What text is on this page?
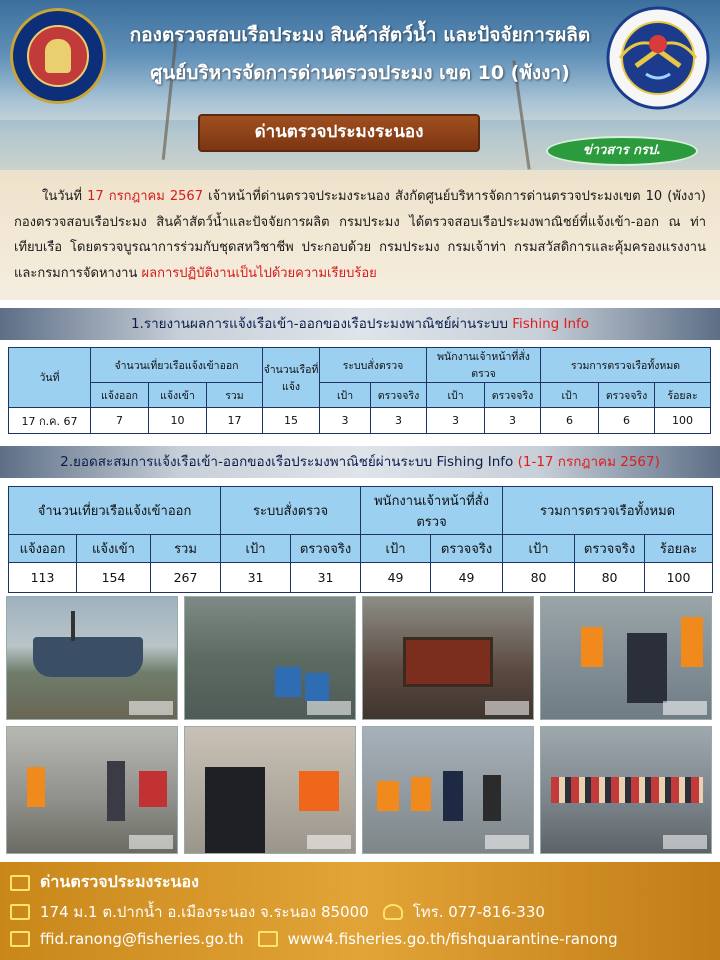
กองตรวจสอบเรือประมง สินค้าสัตว์น้ำ และปัจจัยการผลิต
ศูนย์บริหารจัดการด่านตรวจประมง เขต 10 (พังงา)
ด่านตรวจประมงระนอง
ข่าวสาร กรป.

ในวันที่ 17 กรกฎาคม 2567 เจ้าหน้าที่ด่านตรวจประมงระนอง สังกัดศูนย์บริหารจัดการด่านตรวจประมงเขต 10 (พังงา) กองตรวจสอบเรือประมง สินค้าสัตว์น้ำและปัจจัยการผลิต กรมประมง ได้ตรวจสอบเรือประมงพาณิชย์ที่แจ้งเข้า-ออก ณ ท่าเทียบเรือ โดยตรวจบูรณาการร่วมกับชุดสหวิชาชีพ ประกอบด้วย กรมประมง กรมเจ้าท่า กรมสวัสดิการและคุ้มครองแรงงาน และกรมการจัดหางาน ผลการปฏิบัติงานเป็นไปด้วยความเรียบร้อย

1.รายงานผลการแจ้งเรือเข้า-ออกของเรือประมงพาณิชย์ผ่านระบบ Fishing Info
วันที่	จำนวนเที่ยวเรือแจ้งเข้าออก			จำนวนเรือที่แจ้ง	ระบบสั่งตรวจ		พนักงานเจ้าหน้าที่สั่งตรวจ		รวมการตรวจเรือทั้งหมด		
	แจ้งออก	แจ้งเข้า	รวม		เป้า	ตรวจจริง	เป้า	ตรวจจริง	เป้า	ตรวจจริง	ร้อยละ
17 ก.ค. 67	7	10	17	15	3	3	3	3	6	6	100
2.ยอดสะสมการแจ้งเรือเข้า-ออกของเรือประมงพาณิชย์ผ่านระบบ Fishing Info (1-17 กรกฎาคม 2567)
จำนวนเที่ยวเรือแจ้งเข้าออก			ระบบสั่งตรวจ		พนักงานเจ้าหน้าที่สั่งตรวจ		รวมการตรวจเรือทั้งหมด		
แจ้งออก	แจ้งเข้า	รวม	เป้า	ตรวจจริง	เป้า	ตรวจจริง	เป้า	ตรวจจริง	ร้อยละ
113	154	267	31	31	49	49	80	80	100
ด่านตรวจประมงระนอง
174 ม.1 ต.ปากน้ำ อ.เมืองระนอง จ.ระนอง 85000	โทร. 077-816-330
ffid.ranong@fisheries.go.th	www4.fisheries.go.th/fishquarantine-ranong
